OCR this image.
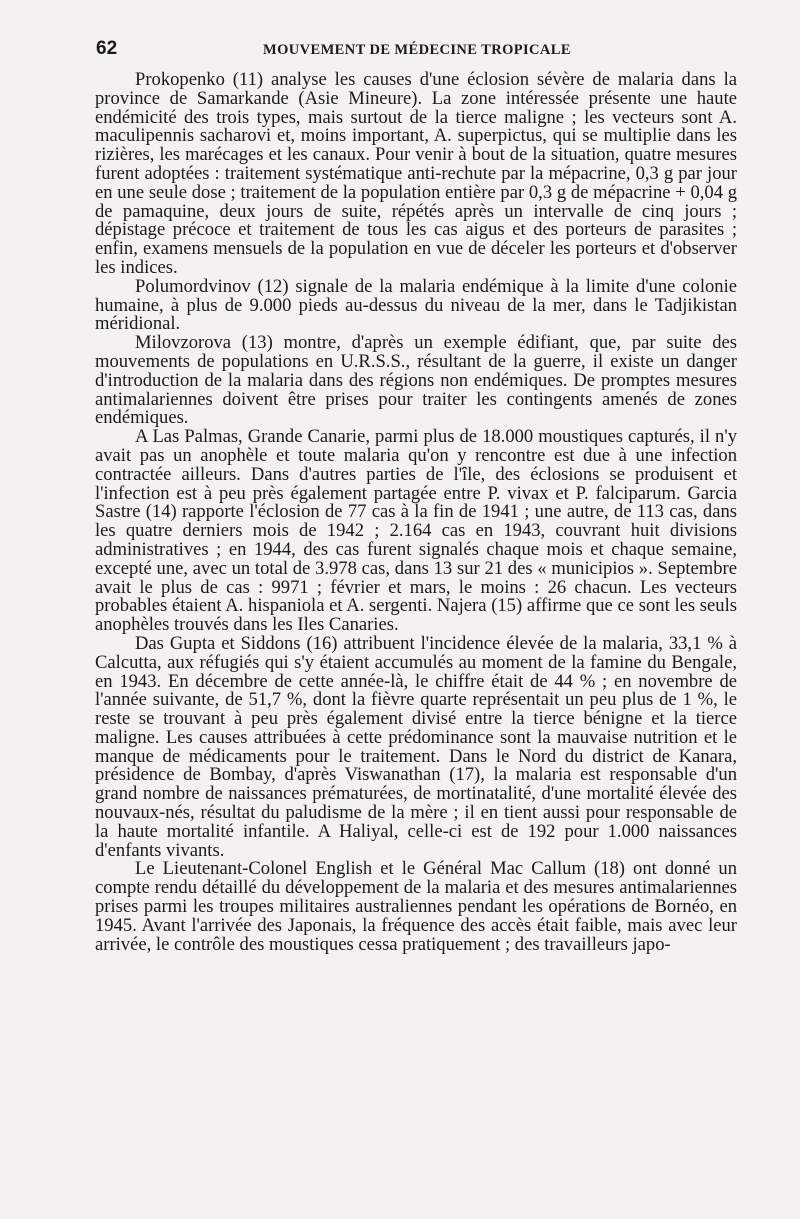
62	MOUVEMENT DE MÉDECINE TROPICALE

Prokopenko (11) analyse les causes d'une éclosion sévère de malaria dans la province de Samarkande (Asie Mineure). La zone intéressée présente une haute endémicité des trois types, mais surtout de la tierce maligne ; les vecteurs sont A. maculipennis sacharovi et, moins important, A. superpictus, qui se multiplie dans les rizières, les marécages et les canaux. Pour venir à bout de la situation, quatre mesures furent adoptées : traitement systématique anti-rechute par la mépacrine, 0,3 g par jour en une seule dose ; traitement de la population entière par 0,3 g de mépacrine + 0,04 g de pamaquine, deux jours de suite, répétés après un intervalle de cinq jours ; dépistage précoce et traitement de tous les cas aigus et des porteurs de parasites ; enfin, examens mensuels de la population en vue de déceler les porteurs et d'observer les indices.

Polumordvinov (12) signale de la malaria endémique à la limite d'une colonie humaine, à plus de 9.000 pieds au-dessus du niveau de la mer, dans le Tadjikistan méridional.

Milovzorova (13) montre, d'après un exemple édifiant, que, par suite des mouvements de populations en U.R.S.S., résultant de la guerre, il existe un danger d'introduction de la malaria dans des régions non endémiques. De promptes mesures antimalariennes doivent être prises pour traiter les contingents amenés de zones endémiques.

A Las Palmas, Grande Canarie, parmi plus de 18.000 moustiques capturés, il n'y avait pas un anophèle et toute malaria qu'on y rencontre est due à une infection contractée ailleurs. Dans d'autres parties de l'île, des éclosions se produisent et l'infection est à peu près également partagée entre P. vivax et P. falciparum. Garcia Sastre (14) rapporte l'éclosion de 77 cas à la fin de 1941 ; une autre, de 113 cas, dans les quatre derniers mois de 1942 ; 2.164 cas en 1943, couvrant huit divisions administratives ; en 1944, des cas furent signalés chaque mois et chaque semaine, excepté une, avec un total de 3.978 cas, dans 13 sur 21 des « municipios ». Septembre avait le plus de cas : 9971 ; février et mars, le moins : 26 chacun. Les vecteurs probables étaient A. hispaniola et A. sergenti. Najera (15) affirme que ce sont les seuls anophèles trouvés dans les Iles Canaries.

Das Gupta et Siddons (16) attribuent l'incidence élevée de la malaria, 33,1 % à Calcutta, aux réfugiés qui s'y étaient accumulés au moment de la famine du Bengale, en 1943. En décembre de cette année-là, le chiffre était de 44 % ; en novembre de l'année suivante, de 51,7 %, dont la fièvre quarte représentait un peu plus de 1 %, le reste se trouvant à peu près également divisé entre la tierce bénigne et la tierce maligne. Les causes attribuées à cette prédominance sont la mauvaise nutrition et le manque de médicaments pour le traitement. Dans le Nord du district de Kanara, présidence de Bombay, d'après Viswanathan (17), la malaria est responsable d'un grand nombre de naissances prématurées, de mortinatalité, d'une mortalité élevée des nouvaux-nés, résultat du paludisme de la mère ; il en tient aussi pour responsable de la haute mortalité infantile. A Haliyal, celle-ci est de 192 pour 1.000 naissances d'enfants vivants.

Le Lieutenant-Colonel English et le Général Mac Callum (18) ont donné un compte rendu détaillé du développement de la malaria et des mesures antimalariennes prises parmi les troupes militaires australiennes pendant les opérations de Bornéo, en 1945. Avant l'arrivée des Japonais, la fréquence des accès était faible, mais avec leur arrivée, le contrôle des moustiques cessa pratiquement ; des travailleurs japo-
